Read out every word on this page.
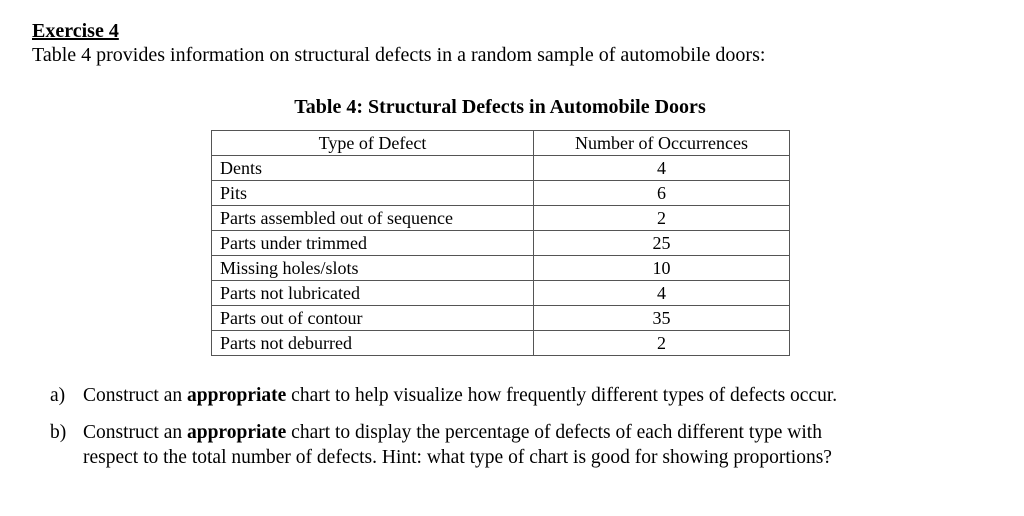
Exercise 4
Table 4 provides information on structural defects in a random sample of automobile doors:
Table 4: Structural Defects in Automobile Doors
Type of Defect	Number of Occurrences
Dents	4
Pits	6
Parts assembled out of sequence	2
Parts under trimmed	25
Missing holes/slots	10
Parts not lubricated	4
Parts out of contour	35
Parts not deburred	2
a) Construct an appropriate chart to help visualize how frequently different types of defects occur.
b) Construct an appropriate chart to display the percentage of defects of each different type with
respect to the total number of defects. Hint: what type of chart is good for showing proportions?
